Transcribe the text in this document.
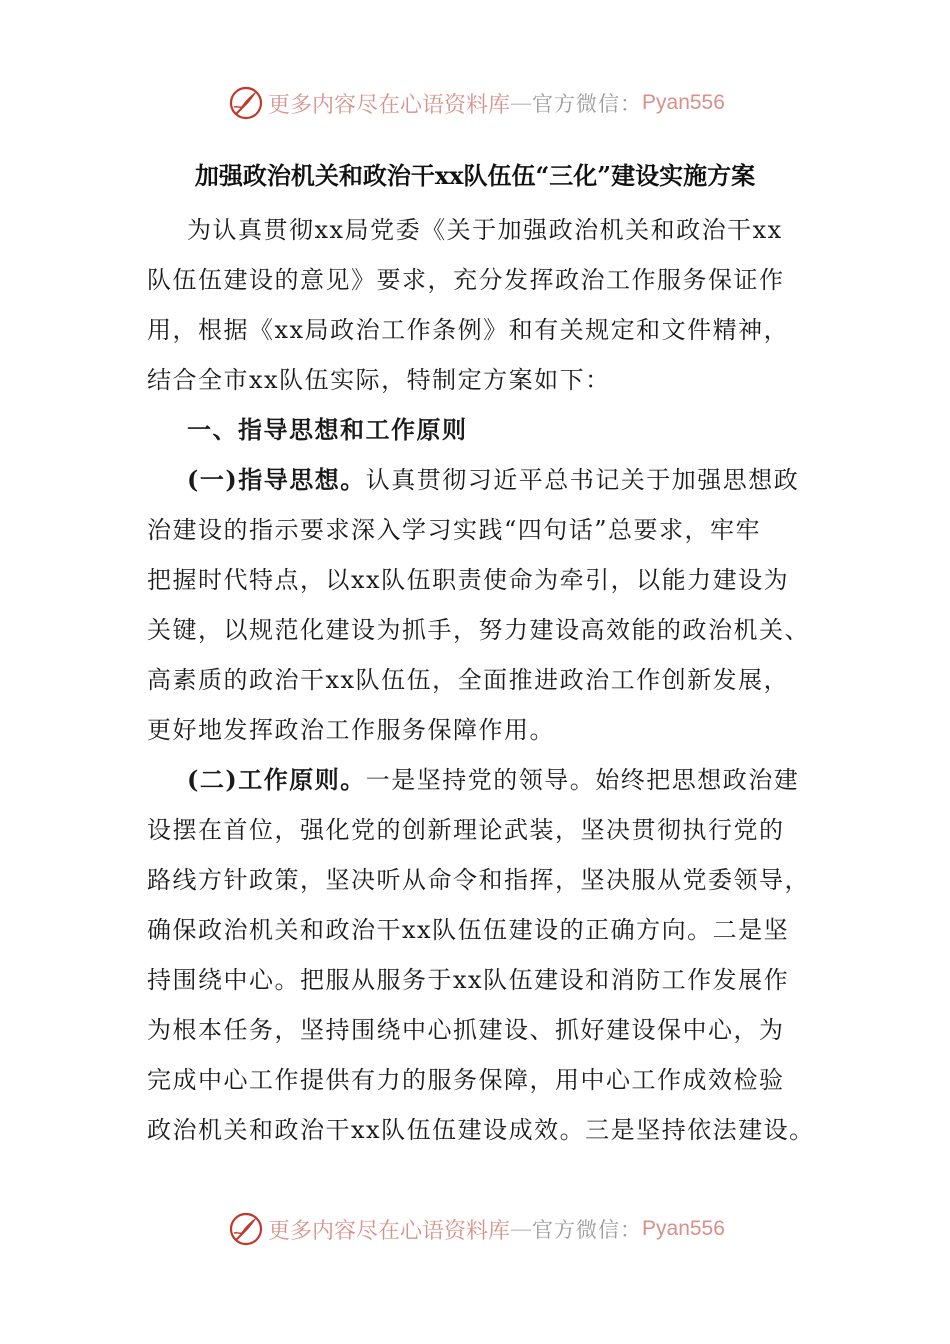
更多内容尽在心语资料库 — 官方微信： Pyan556
加强政治机关和政治干xx队伍伍“三化”建设实施方案
为认真贯彻xx局党委《关于加强政治机关和政治干xx
队伍伍建设的意见》要求，充分发挥政治工作服务保证作
用，根据《xx局政治工作条例》和有关规定和文件精神，
结合全市xx队伍实际，特制定方案如下：
一、指导思想和工作原则
(一)指导思想。认真贯彻习近平总书记关于加强思想政
治建设的指示要求深入学习实践“四句话”总要求，牢牢
把握时代特点，以xx队伍职责使命为牵引，以能力建设为
关键，以规范化建设为抓手，努力建设高效能的政治机关、
高素质的政治干xx队伍伍，全面推进政治工作创新发展，
更好地发挥政治工作服务保障作用。
(二)工作原则。一是坚持党的领导。始终把思想政治建
设摆在首位，强化党的创新理论武装，坚决贯彻执行党的
路线方针政策，坚决听从命令和指挥，坚决服从党委领导，
确保政治机关和政治干xx队伍伍建设的正确方向。二是坚
持围绕中心。把服从服务于xx队伍建设和消防工作发展作
为根本任务，坚持围绕中心抓建设、抓好建设保中心，为
完成中心工作提供有力的服务保障，用中心工作成效检验
政治机关和政治干xx队伍伍建设成效。三是坚持依法建设。
更多内容尽在心语资料库 — 官方微信： Pyan556
